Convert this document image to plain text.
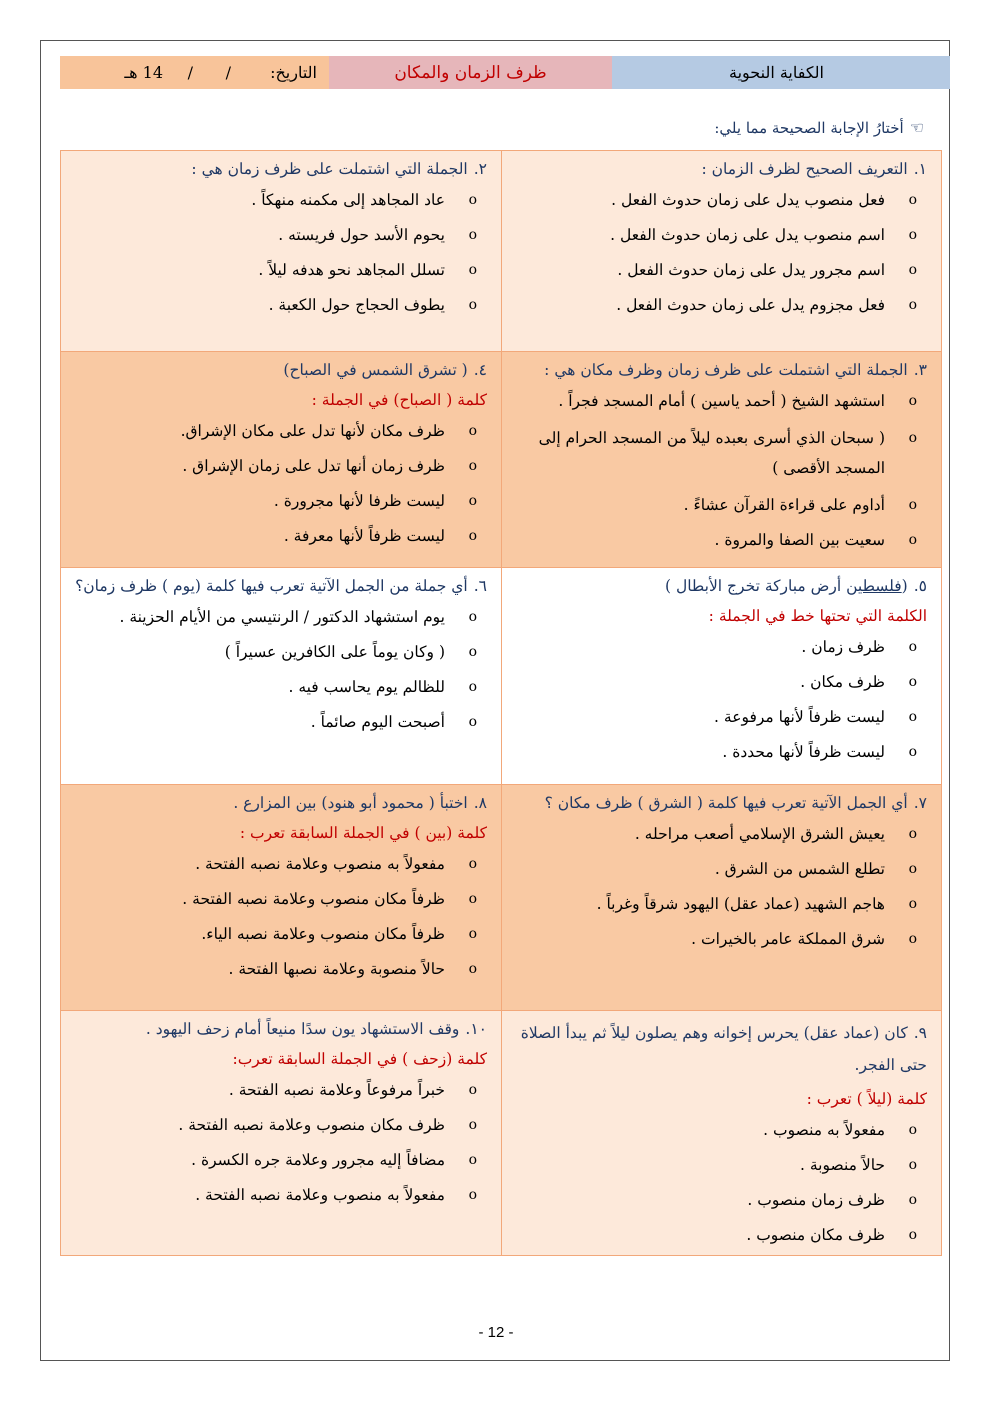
الكفاية النحوية
ظرف الزمان والمكان
التاريخ:
/
/
14 هـ
☜
أختارُ الإجابة الصحيحة مما يلي:
١.التعريف الصحيح لظرف الزمان :
o
فعل منصوب يدل على زمان حدوث الفعل .
o
اسم منصوب يدل على زمان حدوث الفعل .
o
اسم مجرور يدل على زمان حدوث الفعل .
o
فعل مجزوم يدل على زمان حدوث الفعل .
٢.الجملة التي اشتملت على ظرف زمان هي :
o
عاد المجاهد إلى مكمنه منهكاً .
o
يحوم الأسد حول فريسته .
o
تسلل المجاهد نحو هدفه ليلاً .
o
يطوف الحجاج حول الكعبة .
٣.الجملة التي اشتملت على ظرف زمان وظرف مكان هي :
o
استشهد الشيخ ( أحمد ياسين ) أمام المسجد فجراً .
o
( سبحان الذي أسرى بعبده ليلاً من المسجد الحرام إلى المسجد الأقصى )
o
أداوم على قراءة القرآن عشاءً .
o
سعيت بين الصفا والمروة .
٤.( تشرق الشمس في الصباح)
كلمة ( الصباح) في الجملة :
o
ظرف مكان لأنها تدل على مكان الإشراق.
o
ظرف زمان أنها تدل على زمان الإشراق .
o
ليست ظرفا لأنها مجرورة .
o
ليست ظرفاً لأنها معرفة .
٥.(فلسطين أرض مباركة تخرج الأبطال )
الكلمة التي تحتها خط في الجملة :
o
ظرف زمان .
o
ظرف مكان .
o
ليست ظرفاً لأنها مرفوعة .
o
ليست ظرفاً لأنها محددة .
٦.أي جملة من الجمل الآتية تعرب فيها كلمة (يوم ) ظرف زمان؟
o
يوم استشهاد الدكتور / الرنتيسي من الأيام الحزينة .
o
( وكان يوماً على الكافرين عسيراً )
o
للظالم يوم يحاسب فيه .
o
أصبحت اليوم صائماً .
٧.أي الجمل الآتية تعرب فيها كلمة ( الشرق ) ظرف مكان ؟
o
يعيش الشرق الإسلامي أصعب مراحله .
o
تطلع الشمس من الشرق .
o
هاجم الشهيد (عماد عقل) اليهود شرقاً وغرباً .
o
شرق المملكة عامر بالخيرات .
٨.اختبأ ( محمود أبو هنود) بين المزارع .
كلمة (بين ) في الجملة السابقة تعرب :
o
مفعولاً به منصوب وعلامة نصبه الفتحة .
o
ظرفاً مكان منصوب وعلامة نصبه الفتحة .
o
ظرفاً مكان منصوب وعلامة نصبه الياء.
o
حالاً منصوبة وعلامة نصبها الفتحة .
٩.كان (عماد عقل) يحرس إخوانه وهم يصلون ليلاً ثم يبدأ الصلاة حتى الفجر.
كلمة (ليلاً ) تعرب :
o
مفعولاً به منصوب .
o
حالاً منصوبة .
o
ظرف زمان منصوب .
o
ظرف مكان منصوب .
١٠.وقف الاستشهاد يون سدًا منيعاً أمام زحف اليهود .
كلمة (زحف ) في الجملة السابقة تعرب:
o
خبراً مرفوعاً وعلامة نصبه الفتحة .
o
ظرف مكان منصوب وعلامة نصبه الفتحة .
o
مضافاً إليه مجرور وعلامة جره الكسرة .
o
مفعولاً به منصوب وعلامة نصبه الفتحة .
- 12 -
